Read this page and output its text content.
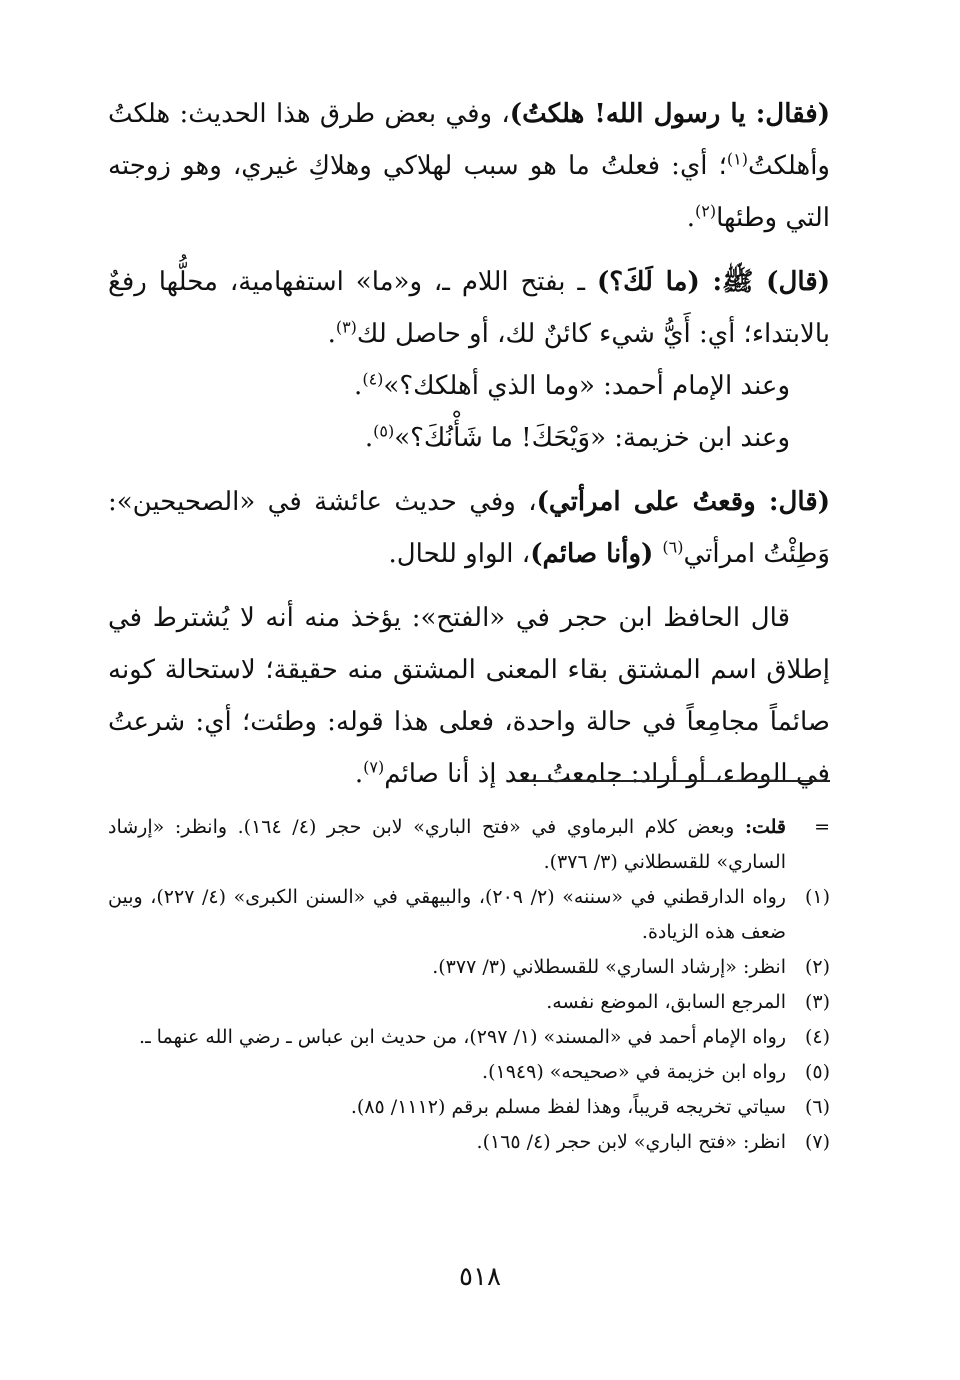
(فقال: يا رسول الله! هلكتُ)، وفي بعض طرق هذا الحديث: هلكتُ وأهلكتُ$^{(١)}$؛ أي: فعلتُ ما هو سبب لهلاكي وهلاكِ غيري، وهو زوجته التي وطئها$^{(٢)}$.

(قال) ﷺ: (ما لَكَ؟) ـ بفتح اللام ـ، و«ما» استفهامية، محلُّها رفعٌ بالابتداء؛ أي: أَيُّ شيء كائنٌ لك، أو حاصل لك$^{(٣)}$.

وعند الإمام أحمد: «وما الذي أهلكك؟»$^{(٤)}$.

وعند ابن خزيمة: «وَيْحَكَ! ما شَأْنُكَ؟»$^{(٥)}$.

(قال: وقعتُ على امرأتي)، وفي حديث عائشة في «الصحيحين»: وَطِئْتُ امرأتي$^{(٦)}$ (وأنا صائم)، الواو للحال.

قال الحافظ ابن حجر في «الفتح»: يؤخذ منه أنه لا يُشترط في إطلاق اسم المشتق بقاء المعنى المشتق منه حقيقة؛ لاستحالة كونه صائماً مجامِعاً في حالة واحدة، فعلى هذا قوله: وطئت؛ أي: شرعتُ في الوطء، أو أراد: جامعتُ بعد إذ أنا صائم$^{(٧)}$.

=
قلت: وبعض كلام البرماوي في «فتح الباري» لابن حجر (٤/ ١٦٤). وانظر: «إرشاد الساري» للقسطلاني (٣/ ٣٧٦).
(١)
رواه الدارقطني في «سننه» (٢/ ٢٠٩)، والبيهقي في «السنن الكبرى» (٤/ ٢٢٧)، وبين ضعف هذه الزيادة.
(٢)
انظر: «إرشاد الساري» للقسطلاني (٣/ ٣٧٧).
(٣)
المرجع السابق، الموضع نفسه.
(٤)
رواه الإمام أحمد في «المسند» (١/ ٢٩٧)، من حديث ابن عباس ـ رضي الله عنهما ـ.
(٥)
رواه ابن خزيمة في «صحيحه» (١٩٤٩).
(٦)
سياتي تخريجه قريباً، وهذا لفظ مسلم برقم (١١١٢/ ٨٥).
(٧)
انظر: «فتح الباري» لابن حجر (٤/ ١٦٥).
٥١٨
